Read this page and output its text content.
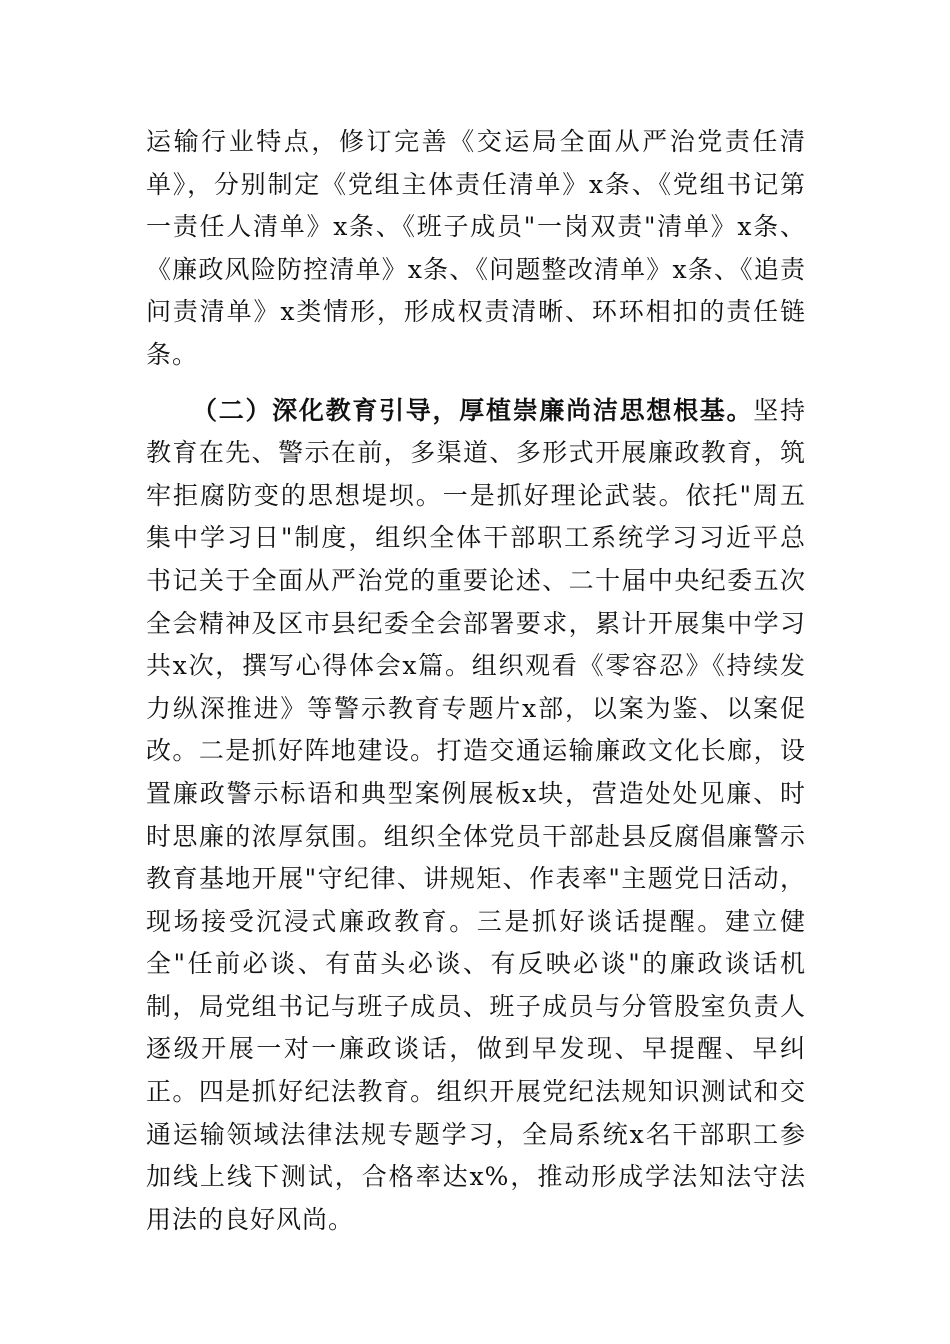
运输行业特点，修订完善《交运局全面从严治党责任清单》，分别制定《党组主体责任清单》x条、《党组书记第一责任人清单》x条、《班子成员"一岗双责"清单》x条、《廉政风险防控清单》x条、《问题整改清单》x条、《追责问责清单》x类情形，形成权责清晰、环环相扣的责任链条。

（二）深化教育引导，厚植崇廉尚洁思想根基。坚持教育在先、警示在前，多渠道、多形式开展廉政教育，筑牢拒腐防变的思想堤坝。一是抓好理论武装。依托"周五集中学习日"制度，组织全体干部职工系统学习习近平总书记关于全面从严治党的重要论述、二十届中央纪委五次全会精神及区市县纪委全会部署要求，累计开展集中学习共x次，撰写心得体会x篇。组织观看《零容忍》《持续发力纵深推进》等警示教育专题片x部，以案为鉴、以案促改。二是抓好阵地建设。打造交通运输廉政文化长廊，设置廉政警示标语和典型案例展板x块，营造处处见廉、时时思廉的浓厚氛围。组织全体党员干部赴县反腐倡廉警示教育基地开展"守纪律、讲规矩、作表率"主题党日活动，现场接受沉浸式廉政教育。三是抓好谈话提醒。建立健全"任前必谈、有苗头必谈、有反映必谈"的廉政谈话机制，局党组书记与班子成员、班子成员与分管股室负责人逐级开展一对一廉政谈话，做到早发现、早提醒、早纠正。四是抓好纪法教育。组织开展党纪法规知识测试和交通运输领域法律法规专题学习，全局系统x名干部职工参加线上线下测试，合格率达x%，推动形成学法知法守法用法的良好风尚。
